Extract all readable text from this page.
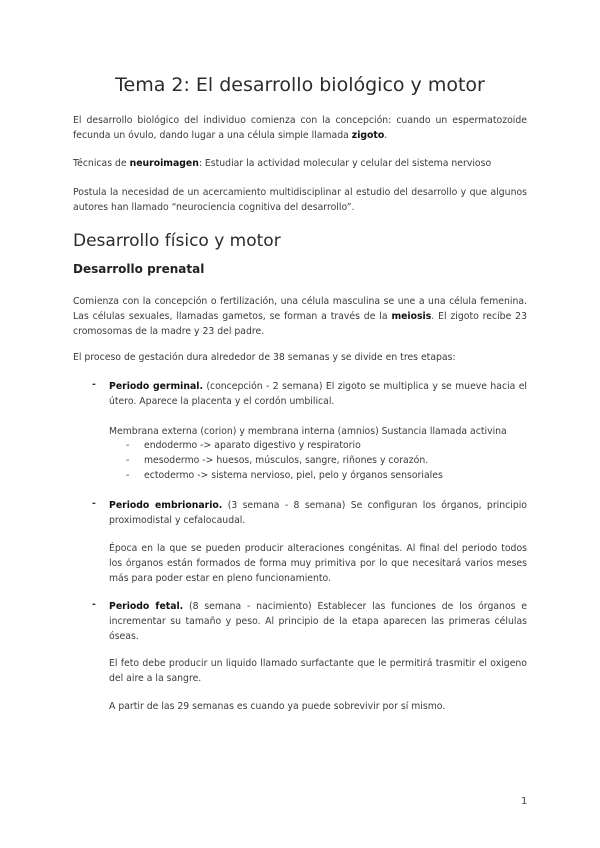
Tema 2: El desarrollo biológico y motor

El desarrollo biológico del individuo comienza con la concepción: cuando un espermatozoide fecunda un óvulo, dando lugar a una célula simple llamada zigoto.

Técnicas de neuroimagen: Estudiar la actividad molecular y celular del sistema nervioso

Postula la necesidad de un acercamiento multidisciplinar al estudio del desarrollo y que algunos autores han llamado “neurociencia cognitiva del desarrollo”.

Desarrollo físico y motor
Desarrollo prenatal

Comienza con la concepción o fertilización, una célula masculina se une a una célula femenina. Las células sexuales, llamadas gametos, se forman a través de la meiosis. El zigoto recibe 23 cromosomas de la madre y 23 del padre.

El proceso de gestación dura alrededor de 38 semanas y se divide en tres etapas:

- Periodo germinal. (concepción - 2 semana) El zigoto se multiplica y se mueve hacia el útero. Aparece la placenta y el cordón umbilical.

Membrana externa (corion) y membrana interna (amnios) Sustancia llamada activina

- endodermo -> aparato digestivo y respiratorio
- mesodermo -> huesos, músculos, sangre, riñones y corazón.
- ectodermo -> sistema nervioso, piel, pelo y órganos sensoriales
- Periodo embrionario. (3 semana - 8 semana) Se configuran los órganos, principio proximodistal y cefalocaudal.

Época en la que se pueden producir alteraciones congénitas. Al final del periodo todos los órganos están formados de forma muy primitiva por lo que necesitará varios meses más para poder estar en pleno funcionamiento.

- Periodo fetal. (8 semana - nacimiento) Establecer las funciones de los órganos e incrementar su tamaño y peso. Al principio de la etapa aparecen las primeras células óseas.

El feto debe producir un liquido llamado surfactante que le permitirá trasmitir el oxigeno del aire a la sangre.

A partir de las 29 semanas es cuando ya puede sobrevivir por sí mismo.

1
